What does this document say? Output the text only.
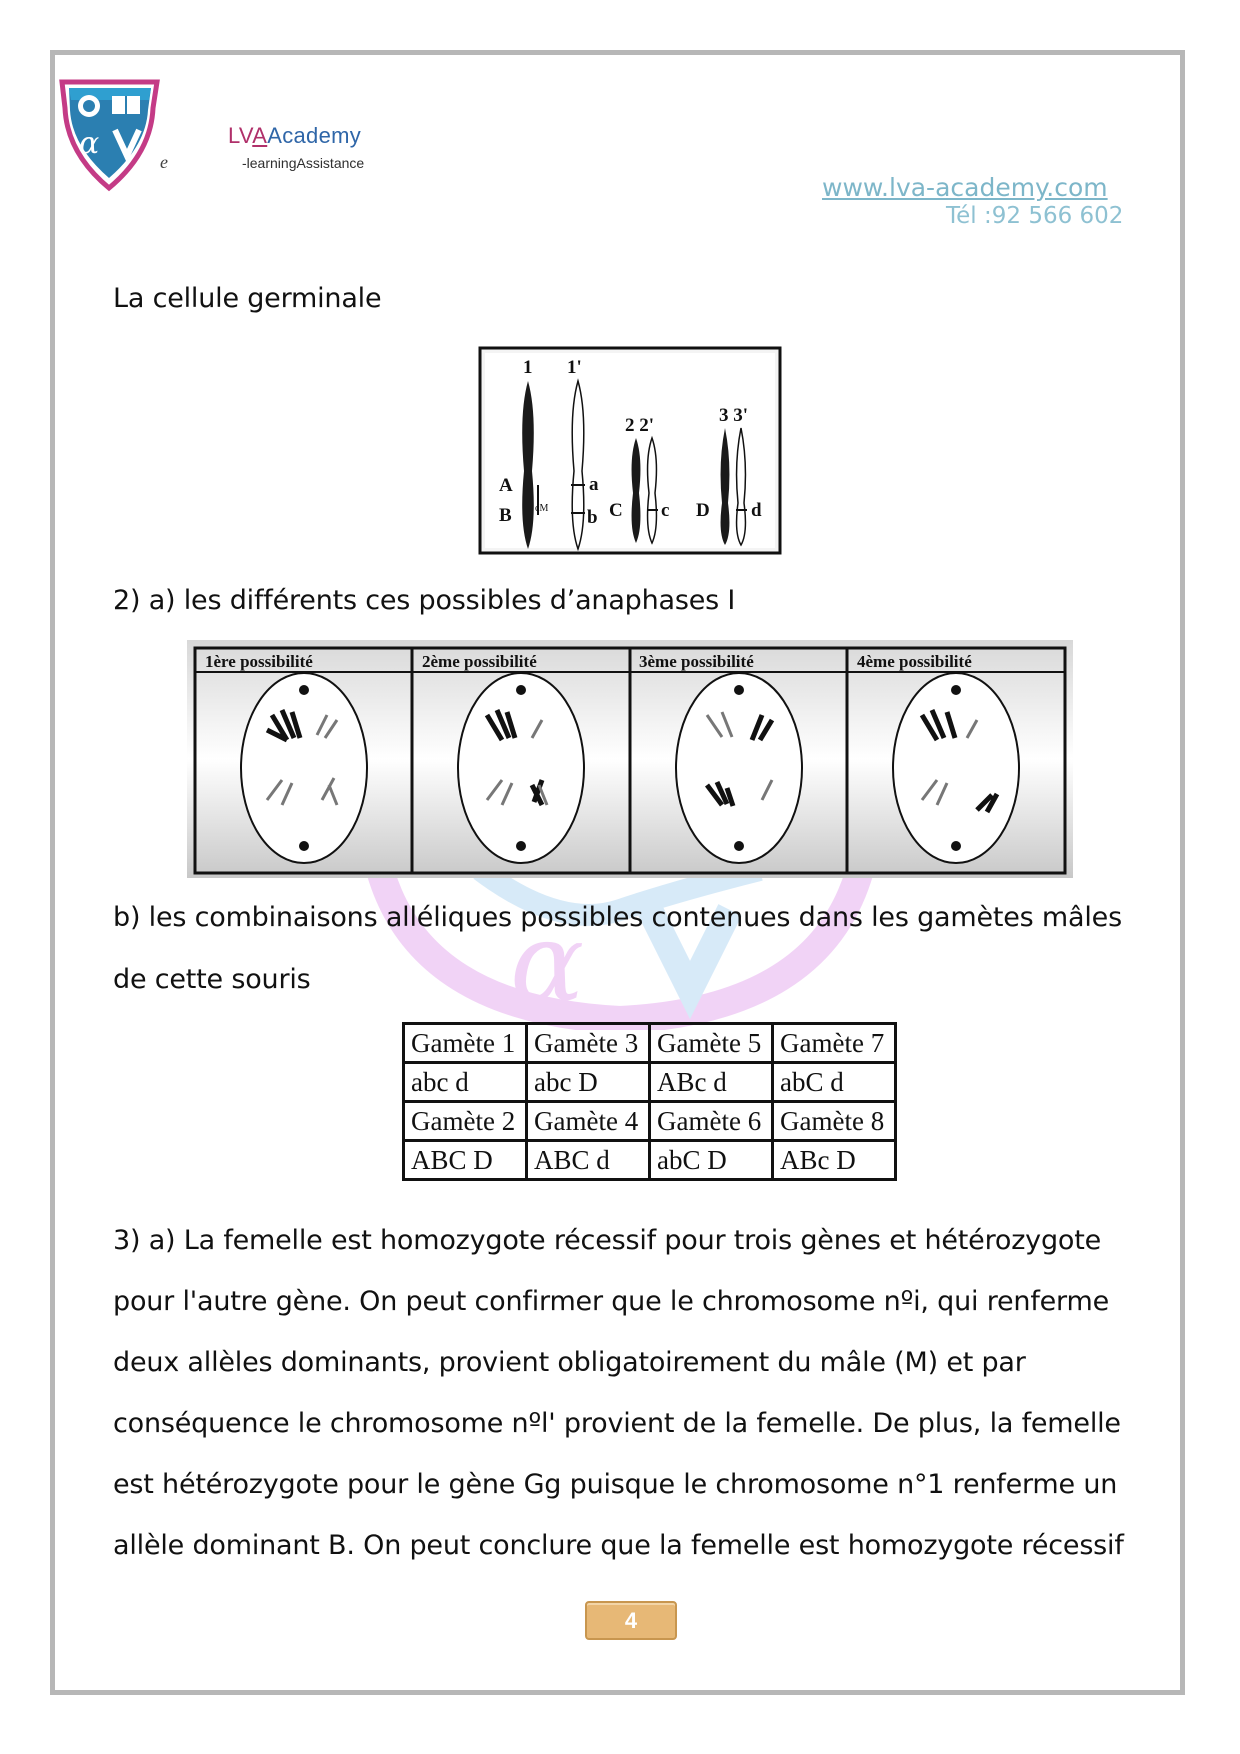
α
e
LVAAcademy
-learningAssistance
www.lva-academy.com
Tél :92 566 602
α
La cellule germinale
1 1'
2 2'	3 3'
A
B
a
b C c D d
cM
2) a) les différents ces possibles d’anaphases I
1ère possibilité	2ème possibilité	3ème possibilité	4ème possibilité
b) les combinaisons alléliques possibles contenues dans les gamètes mâles
de cette souris
Gamète 1	Gamète 3	Gamète 5	Gamète 7
abc d	abc D	ABc d	abC d
Gamète 2	Gamète 4	Gamète 6	Gamète 8
ABC D	ABC d	abC D	ABc D
3) a) La femelle est homozygote récessif pour trois gènes et hétérozygote
pour l'autre gène. On peut confirmer que le chromosome nºi, qui renferme
deux allèles dominants, provient obligatoirement du mâle (M) et par
conséquence le chromosome nºl' provient de la femelle. De plus, la femelle
est hétérozygote pour le gène Gg puisque le chromosome n°1 renferme un
allèle dominant B. On peut conclure que la femelle est homozygote récessif
4
